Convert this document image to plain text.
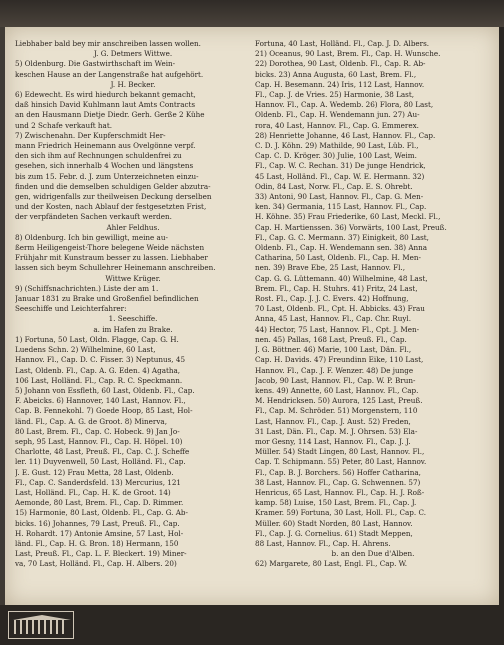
Liebhaber bald bey mir anschreiben lassen wollen.
J. G. Detmers Wittwe.
5) Oldenburg. Die Gastwirthschaft im Wein-
keschen Hause an der Langenstraße hat aufgehört.
J. H. Becker.
6) Edewecht. Es wird hiedurch bekannt gemacht,
daß hinsich David Kuhlmann laut Amts Contracts
an den Hausmann Dietje Diedr. Gerh. Gerße 2 Kühe
und 2 Schafe verkauft hat.
7) Zwischenahn. Der Kupferschmidt Her-
mann Friedrich Heinemann aus Ovelgönne verpf.
den sich ihm auf Rechnungen schuldenfrei zu
gesehen, sich innerhalb 4 Wochen und längstens
bis zum 15. Febr. d. J. zum Unterzeichneten einzu-
finden und die demselben schuldigen Gelder abzutra-
gen, widrigenfalls zur theilweisen Deckung derselben
und der Kosten, nach Ablauf der festgesetzten Frist,
der verpfändeten Sachen verkauft werden.
Ahler Feldhus.
8) Oldenburg. Ich bin gewilligt, meine au-
ßerm Heiligengeist-Thore belegene Weide nächsten
Frühjahr mit Kunstraum besser zu lassen. Liebhaber
lassen sich beym Schullehrer Heinemann anschreiben.
Wittwe Krüger.
9) (Schiffsnachrichten.) Liste der am 1.
Januar 1831 zu Brake und Großenfiel befindlichen
Seeschiffe und Leichterfahrer:
1. Seeschiffe.
a. im Hafen zu Brake.
1) Fortuna, 50 Last, Oldn. Flagge, Cap. G. H.
Luedens Schn. 2) Wilhelmine, 60 Last,
Hannov. Fl., Cap. D. C. Fisser. 3) Neptunus, 45
Last, Oldenb. Fl., Cap. A. G. Eden. 4) Agatha,
106 Last, Holländ. Fl., Cap. R. C. Speckmann.
5) Johann von Essfleth, 60 Last, Oldenb. Fl., Cap.
F. Abeicks. 6) Hannover, 140 Last, Hannov. Fl.,
Cap. B. Fennekohl. 7) Goede Hoop, 85 Last, Hol-
länd. Fl., Cap. A. G. de Groot. 8) Minerva,
80 Last, Brem. Fl., Cap. C. Hobeck. 9) Jan Jo-
seph, 95 Last, Hannov. Fl., Cap. H. Höpel. 10)
Charlotte, 48 Last, Preuß. Fl., Cap. C. J. Scheffe
ler. 11) Duyvenwell, 50 Last, Holländ. Fl., Cap.
J. E. Gust. 12) Frau Metta, 28 Last, Oldenb.
Fl., Cap. C. Sanderdsfeld. 13) Mercurius, 121
Last, Holländ. Fl., Cap. H. K. de Groot. 14)
Aemonde, 80 Last, Brem. Fl., Cap. D. Rimmer.
15) Harmonie, 80 Last, Oldenb. Fl., Cap. G. Ab-
bicks. 16) Johannes, 79 Last, Preuß. Fl., Cap.
H. Rohardt. 17) Antonie Amsine, 57 Last, Hol-
länd. Fl., Cap. H. G. Bron. 18) Hermann, 150
Last, Preuß. Fl., Cap. L. F. Bleckert. 19) Miner-
va, 70 Last, Holländ. Fl., Cap. H. Albers. 20)
Fortuna, 40 Last, Holländ. Fl., Cap. J. D. Albers.
21) Oceanus, 90 Last, Brem. Fl., Cap. H. Wunsche.
22) Dorothea, 90 Last, Oldenb. Fl., Cap. R. Ab-
bicks. 23) Anna Augusta, 60 Last, Brem. Fl.,
Cap. H. Besemann. 24) Iris, 112 Last, Hannov.
Fl., Cap. J. de Vries. 25) Harmonie, 38 Last,
Hannov. Fl., Cap. A. Wedemb. 26) Flora, 80 Last,
Oldenb. Fl., Cap. H. Wendemann jun. 27) Au-
rora, 40 Last, Hannov. Fl., Cap. G. Emmerex.
28) Henriette Johanne, 46 Last, Hannov. Fl., Cap.
C. D. J. Köhn. 29) Mathilde, 90 Last, Lüb. Fl.,
Cap. C. D. Kröger. 30) Julie, 100 Last, Weim.
Fl., Cap. W. C. Rechan. 31) De junge Hendrick,
45 Last, Holländ. Fl., Cap. W. E. Hermann. 32)
Odin, 84 Last, Norw. Fl., Cap. E. S. Ohrebt.
33) Antoni, 90 Last, Hannov. Fl., Cap. G. Men-
ken. 34) Germania, 115 Last, Hannov. Fl., Cap.
H. Köhne. 35) Frau Friederike, 60 Last, Meckl. Fl.,
Cap. H. Martienssen. 36) Vorwärts, 100 Last, Preuß.
Fl., Cap. G. C. Mermann. 37) Einigkeit, 80 Last,
Oldenb. Fl., Cap. H. Wendemann sen. 38) Anna
Catharina, 50 Last, Oldenb. Fl., Cap. H. Men-
nen. 39) Brave Ebe, 25 Last, Hannov. Fl.,
Cap. G. G. Lüttemann. 40) Wilhelmine, 48 Last,
Brem. Fl., Cap. H. Stuhrs. 41) Fritz, 24 Last,
Rost. Fl., Cap. J. J. C. Evers. 42) Hoffnung,
70 Last, Oldenb. Fl., Cpt. H. Abbicks. 43) Frau
Anna, 45 Last, Hannov. Fl., Cap. Chr. Ruyl.
44) Hector, 75 Last, Hannov. Fl., Cpt. J. Men-
nen. 45) Pallas, 168 Last, Preuß. Fl., Cap.
J. G. Böttner. 46) Marie, 100 Last, Dän. Fl.,
Cap. H. Davids. 47) Freundinn Eike, 110 Last,
Hannov. Fl., Cap. J. F. Wenzer. 48) De junge
Jacob, 90 Last, Hannov. Fl., Cap. W. P. Brun-
kens. 49) Annette, 60 Last, Hannov. Fl., Cap.
M. Hendricksen. 50) Aurora, 125 Last, Preuß.
Fl., Cap. M. Schröder. 51) Morgenstern, 110
Last, Hannov. Fl., Cap. J. Aust. 52) Freden,
31 Last, Dän. Fl., Cap. M. J. Ohrsen. 53) Ela-
mor Gesny, 114 Last, Hannov. Fl., Cap. J. J.
Müller. 54) Stadt Lingen, 80 Last, Hannov. Fl.,
Cap. T. Schipmann. 55) Peter, 80 Last, Hannov.
Fl., Cap. B. J. Borchers. 56) Hoffer Catharina,
38 Last, Hannov. Fl., Cap. G. Schwennen. 57)
Henricus, 65 Last, Hannov. Fl., Cap. H. J. Roß-
kamp. 58) Luise, 150 Last, Brem. Fl., Cap. J.
Kramer. 59) Fortuna, 30 Last, Holl. Fl., Cap. C.
Müller. 60) Stadt Norden, 80 Last, Hannov.
Fl., Cap. J. G. Cornelius. 61) Stadt Meppen,
88 Last, Hannov. Fl., Cap. H. Ahrens.
b. an den Due d'Alben.
62) Margarete, 80 Last, Engl. Fl., Cap. W.
